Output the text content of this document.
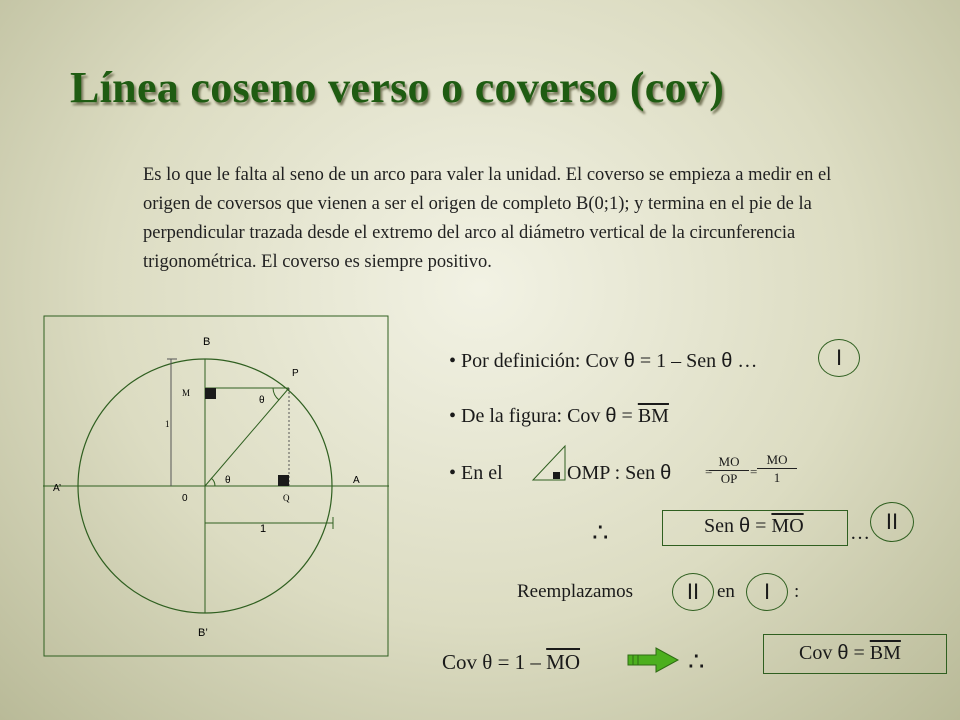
Línea coseno verso o coverso (cov)
Es lo que le falta al seno de un arco para valer la unidad. El coverso se empieza a medir en el origen de coversos que vienen a ser el origen de completo B(0;1); y termina en el pie de la perpendicular trazada desde el extremo del arco al diámetro vertical de la circunferencia trigonométrica. El coverso es siempre positivo.
B
P
M
θ
1
A’
θ	A
0	Q
1
B’
• Por definición: Cov θ = 1 – Sen θ …	I
• De la figura: Cov $\theta = \overline{BM}$
• En el	OMP : Sen θ	=
$\frac{MO}{OP} = \frac{MO}{1}$
∴	Sen $\theta = \overline{MO}$ … II
Reemplazamos	II en	I	:
Cov $\theta = 1 - \overline{MO}$	∴	Cov $\theta = \overline{BM}$
